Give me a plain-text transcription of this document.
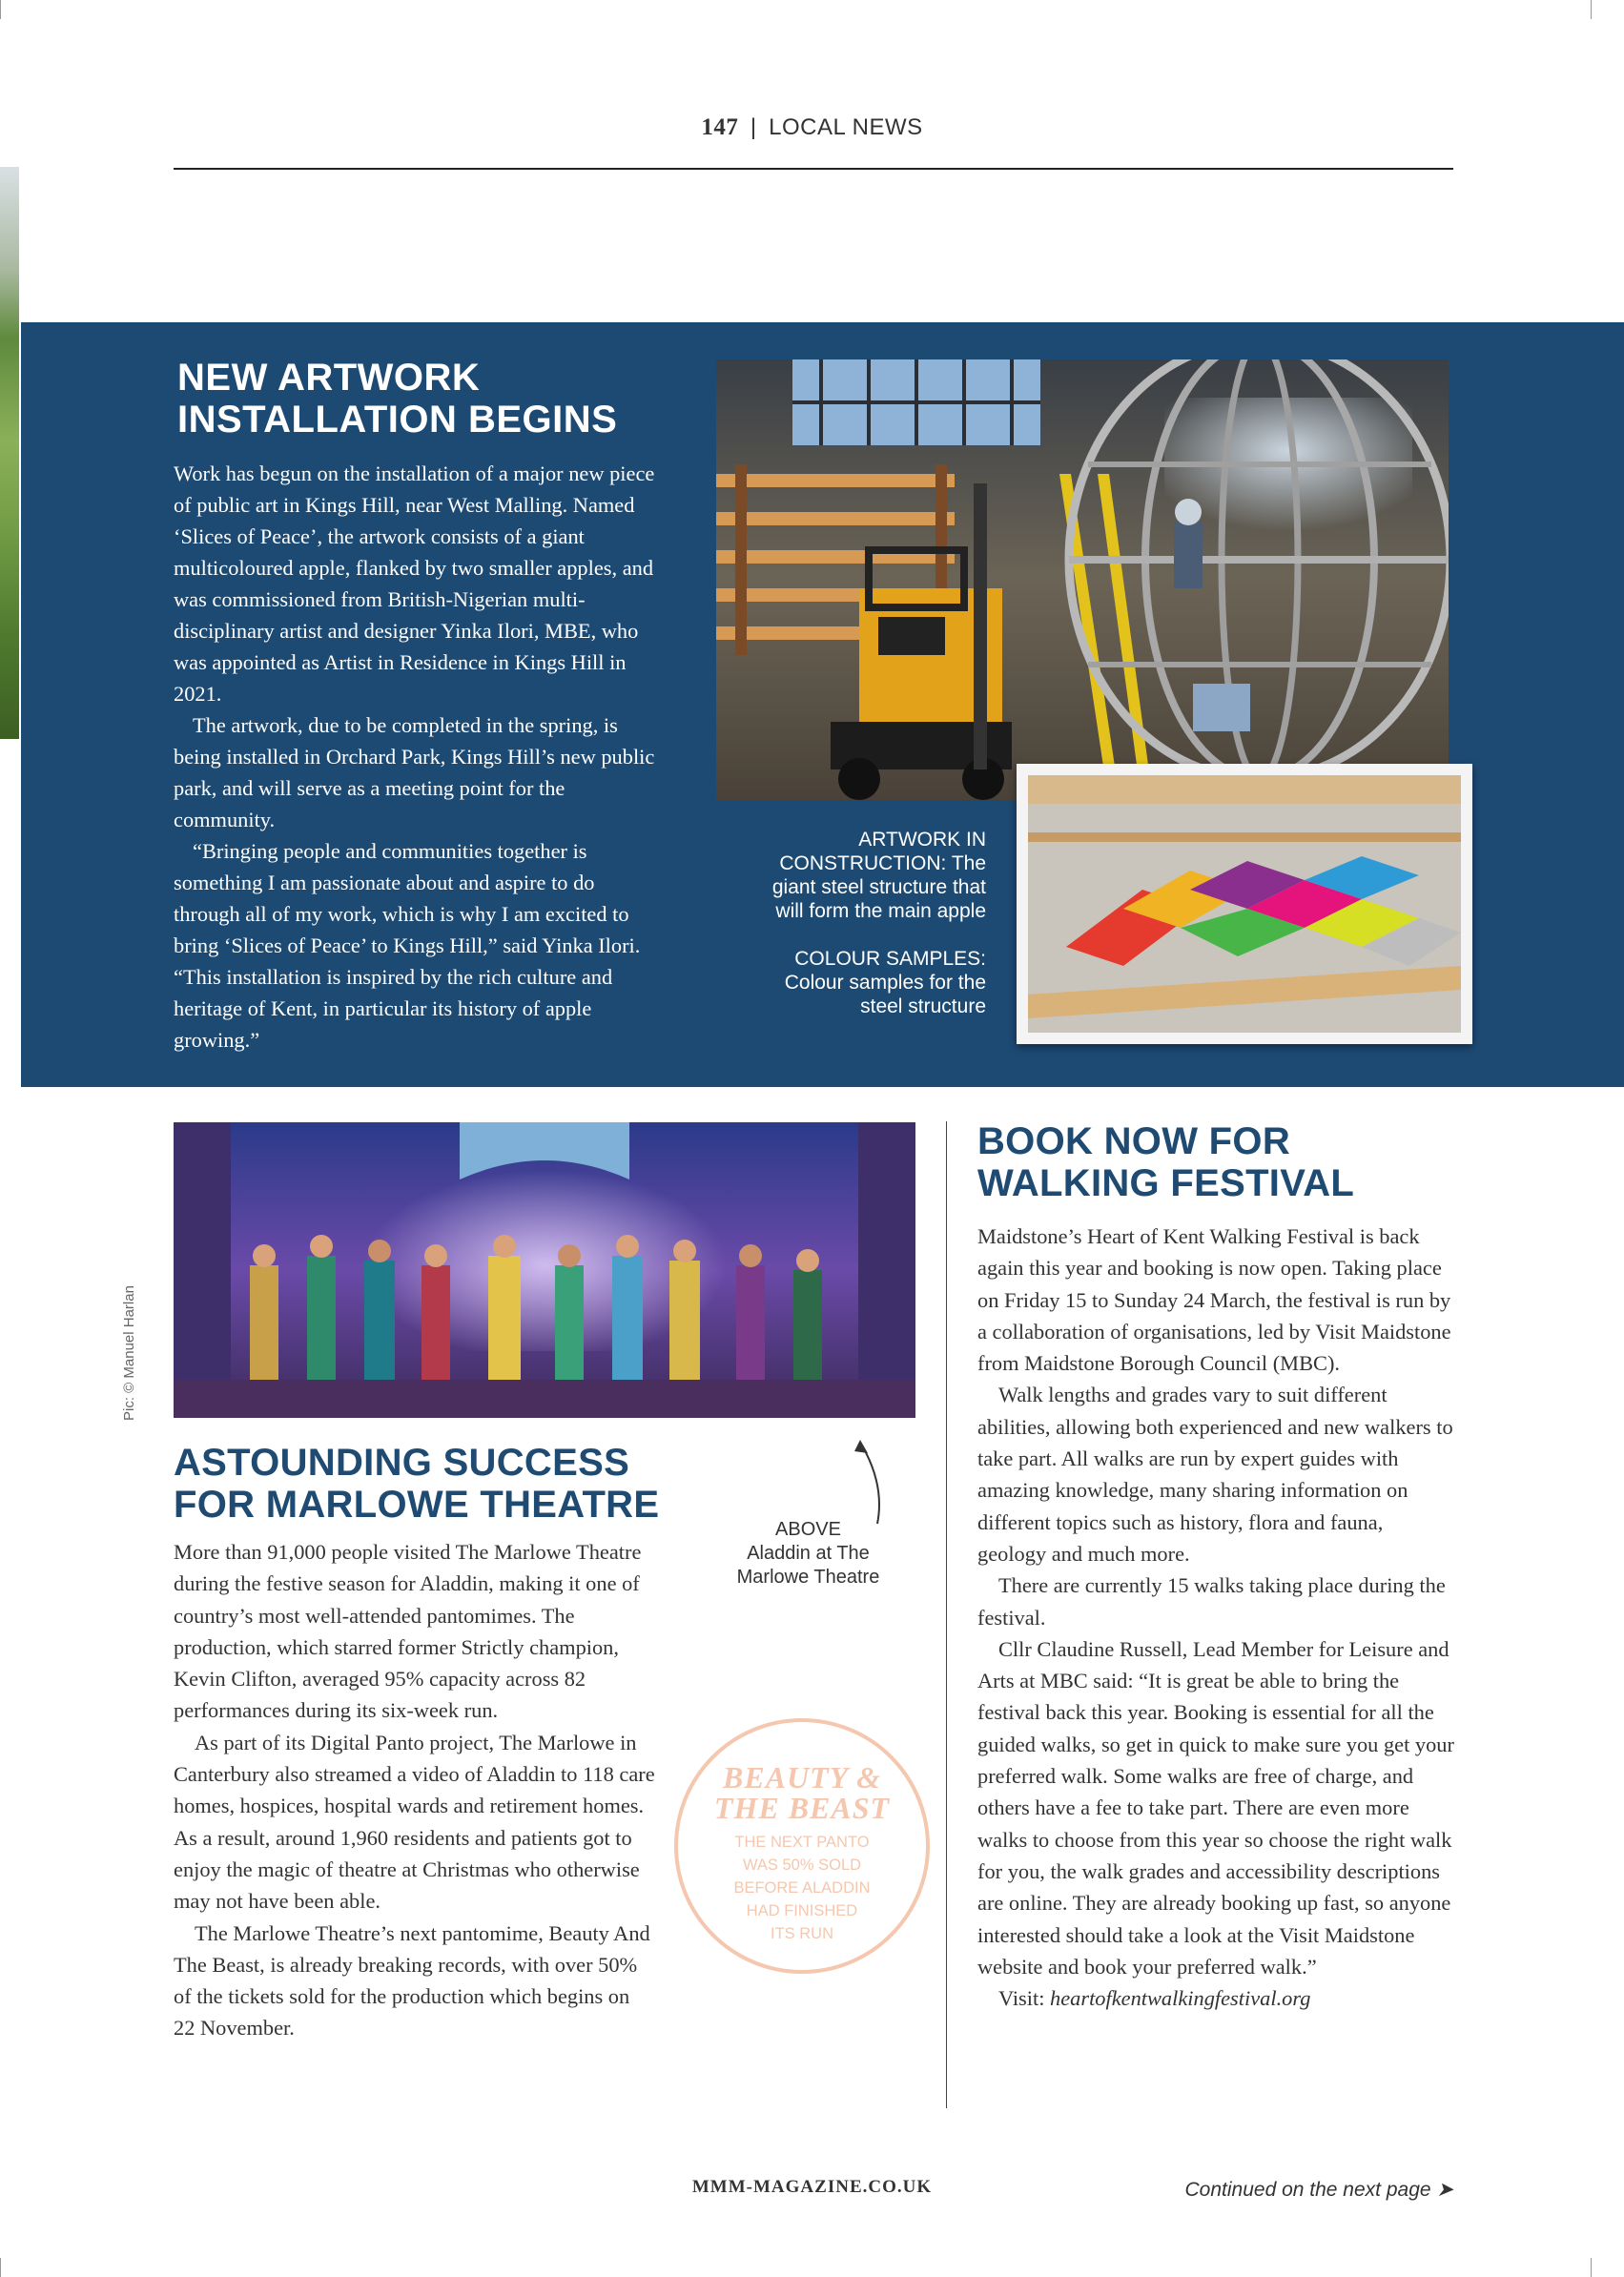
147 | LOCAL NEWS
NEW ARTWORK
INSTALLATION BEGINS

Work has begun on the installation of a major new piece of public art in Kings Hill, near West Malling. Named ‘Slices of Peace’, the artwork consists of a giant multicoloured apple, flanked by two smaller apples, and was commissioned from British-Nigerian multi-disciplinary artist and designer Yinka Ilori, MBE, who was appointed as Artist in Residence in Kings Hill in 2021.

The artwork, due to be completed in the spring, is being installed in Orchard Park, Kings Hill’s new public park, and will serve as a meeting point for the community.

“Bringing people and communities together is something I am passionate about and aspire to do through all of my work, which is why I am excited to bring ‘Slices of Peace’ to Kings Hill,” said Yinka Ilori. “This installation is inspired by the rich culture and heritage of Kent, in particular its history of apple growing.”

ARTWORK IN CONSTRUCTION: The giant steel structure that will form the main apple
COLOUR SAMPLES: Colour samples for the steel structure
Pic: © Manuel Harlan
ASTOUNDING SUCCESS
FOR MARLOWE THEATRE

More than 91,000 people visited The Marlowe Theatre during the festive season for Aladdin, making it one of country’s most well-attended pantomimes. The production, which starred former Strictly champion, Kevin Clifton, averaged 95% capacity across 82 performances during its six-week run.

As part of its Digital Panto project, The Marlowe in Canterbury also streamed a video of Aladdin to 118 care homes, hospices, hospital wards and retirement homes. As a result, around 1,960 residents and patients got to enjoy the magic of theatre at Christmas who otherwise may not have been able.

The Marlowe Theatre’s next pantomime, Beauty And The Beast, is already breaking records, with over 50% of the tickets sold for the production which begins on 22 November.

ABOVE
Aladdin at The Marlowe Theatre
BEAUTY &
THE BEAST
THE NEXT PANTO
WAS 50% SOLD
BEFORE ALADDIN
HAD FINISHED
ITS RUN
BOOK NOW FOR
WALKING FESTIVAL

Maidstone’s Heart of Kent Walking Festival is back again this year and booking is now open. Taking place on Friday 15 to Sunday 24 March, the festival is run by a collaboration of organisations, led by Visit Maidstone from Maidstone Borough Council (MBC).

Walk lengths and grades vary to suit different abilities, allowing both experienced and new walkers to take part. All walks are run by expert guides with amazing knowledge, many sharing information on different topics such as history, flora and fauna, geology and much more.

There are currently 15 walks taking place during the festival.

Cllr Claudine Russell, Lead Member for Leisure and Arts at MBC said: “It is great be able to bring the festival back this year. Booking is essential for all the guided walks, so get in quick to make sure you get your preferred walk. Some walks are free of charge, and others have a fee to take part. There are even more walks to choose from this year so choose the right walk for you, the walk grades and accessibility descriptions are online. They are already booking up fast, so anyone interested should take a look at the Visit Maidstone website and book your preferred walk.”

Visit: heartofkentwalkingfestival.org

MMM-MAGAZINE.CO.UK	Continued on the next page ➤
